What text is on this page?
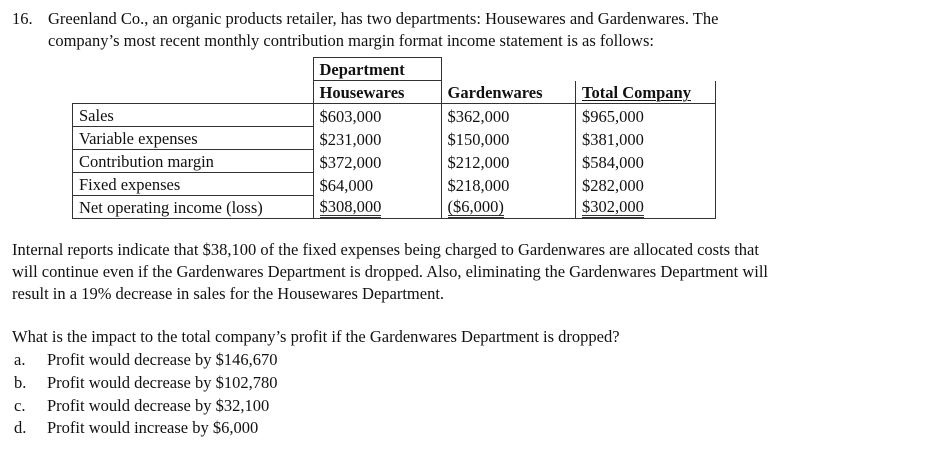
16. Greenland Co., an organic products retailer, has two departments: Housewares and Gardenwares. The
company’s most recent monthly contribution margin format income statement is as follows:
	Department		
	Housewares	Gardenwares	Total Company
Sales	$603,000	$362,000	$965,000
Variable expenses	$231,000	$150,000	$381,000
Contribution margin	$372,000	$212,000	$584,000
Fixed expenses	$64,000	$218,000	$282,000
Net operating income (loss)	$308,000	($6,000)	$302,000
Internal reports indicate that $38,100 of the fixed expenses being charged to Gardenwares are allocated costs that
will continue even if the Gardenwares Department is dropped. Also, eliminating the Gardenwares Department will
result in a 19% decrease in sales for the Housewares Department.
What is the impact to the total company’s profit if the Gardenwares Department is dropped?
a.	Profit would decrease by $146,670
b.	Profit would decrease by $102,780
c.	Profit would decrease by $32,100
d.	Profit would increase by $6,000
